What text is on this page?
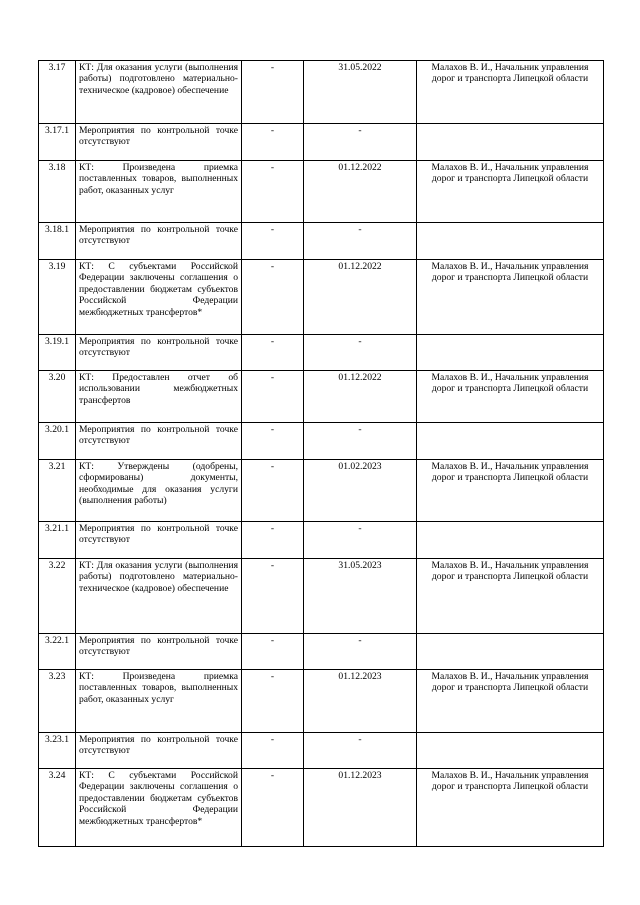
3.17	КТ: Для оказания услуги (выполнения работы) подготовлено материально-техническое (кадровое) обеспечение	-	31.05.2022	Малахов В. И., Начальник управления дорог и транспорта Липецкой области
3.17.1	Мероприятия по контрольной точке отсутствуют	-	-	
3.18	КТ: Произведена приемка поставленных товаров, выполненных работ, оказанных услуг	-	01.12.2022	Малахов В. И., Начальник управления дорог и транспорта Липецкой области
3.18.1	Мероприятия по контрольной точке отсутствуют	-	-	
3.19	КТ: С субъектами Российской Федерации заключены соглашения о предоставлении бюджетам субъектов Российской Федерации межбюджетных трансфертов*	-	01.12.2022	Малахов В. И., Начальник управления дорог и транспорта Липецкой области
3.19.1	Мероприятия по контрольной точке отсутствуют	-	-	
3.20	КТ: Предоставлен отчет об использовании межбюджетных трансфертов	-	01.12.2022	Малахов В. И., Начальник управления дорог и транспорта Липецкой области
3.20.1	Мероприятия по контрольной точке отсутствуют	-	-	
3.21	КТ: Утверждены (одобрены, сформированы) документы, необходимые для оказания услуги (выполнения работы)	-	01.02.2023	Малахов В. И., Начальник управления дорог и транспорта Липецкой области
3.21.1	Мероприятия по контрольной точке отсутствуют	-	-	
3.22	КТ: Для оказания услуги (выполнения работы) подготовлено материально-техническое (кадровое) обеспечение	-	31.05.2023	Малахов В. И., Начальник управления дорог и транспорта Липецкой области
3.22.1	Мероприятия по контрольной точке отсутствуют	-	-	
3.23	КТ: Произведена приемка поставленных товаров, выполненных работ, оказанных услуг	-	01.12.2023	Малахов В. И., Начальник управления дорог и транспорта Липецкой области
3.23.1	Мероприятия по контрольной точке отсутствуют	-	-	
3.24	КТ: С субъектами Российской Федерации заключены соглашения о предоставлении бюджетам субъектов Российской Федерации межбюджетных трансфертов*	-	01.12.2023	Малахов В. И., Начальник управления дорог и транспорта Липецкой области
